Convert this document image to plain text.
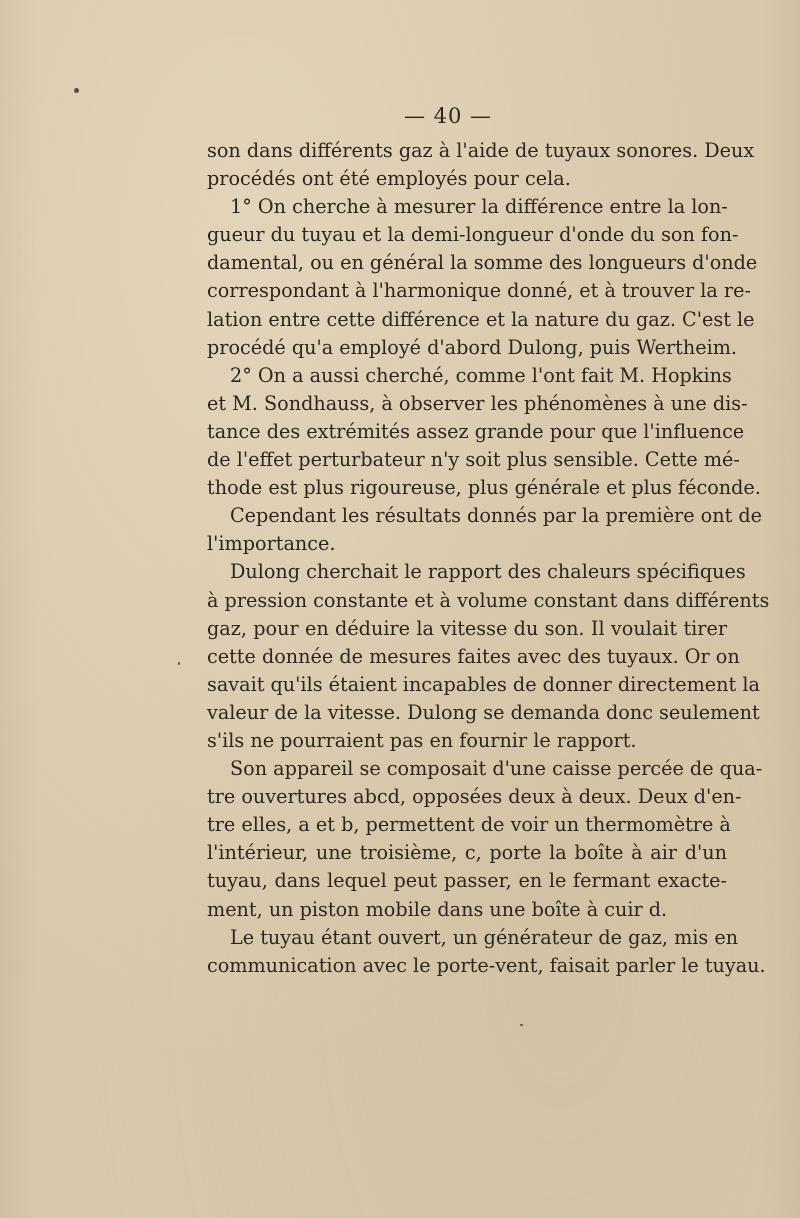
— 40 —
son dans différents gaz à l'aide de tuyaux sonores. Deux
procédés ont été employés pour cela.
1° On cherche à mesurer la différence entre la lon-
gueur du tuyau et la demi-longueur d'onde du son fon-
damental, ou en général la somme des longueurs d'onde
correspondant à l'harmonique donné, et à trouver la re-
lation entre cette différence et la nature du gaz. C'est le
procédé qu'a employé d'abord Dulong, puis Wertheim.
2° On a aussi cherché, comme l'ont fait M. Hopkins
et M. Sondhauss, à observer les phénomènes à une dis-
tance des extrémités assez grande pour que l'influence
de l'effet perturbateur n'y soit plus sensible. Cette mé-
thode est plus rigoureuse, plus générale et plus féconde.
Cependant les résultats donnés par la première ont de
l'importance.
Dulong cherchait le rapport des chaleurs spécifiques
à pression constante et à volume constant dans différents
gaz, pour en déduire la vitesse du son. Il voulait tirer
cette donnée de mesures faites avec des tuyaux. Or on
savait qu'ils étaient incapables de donner directement la
valeur de la vitesse. Dulong se demanda donc seulement
s'ils ne pourraient pas en fournir le rapport.
Son appareil se composait d'une caisse percée de qua-
tre ouvertures abcd, opposées deux à deux. Deux d'en-
tre elles, a et b, permettent de voir un thermomètre à
l'intérieur, une troisième, c, porte la boîte à air d'un
tuyau, dans lequel peut passer, en le fermant exacte-
ment, un piston mobile dans une boîte à cuir d.
Le tuyau étant ouvert, un générateur de gaz, mis en
communication avec le porte-vent, faisait parler le tuyau.
